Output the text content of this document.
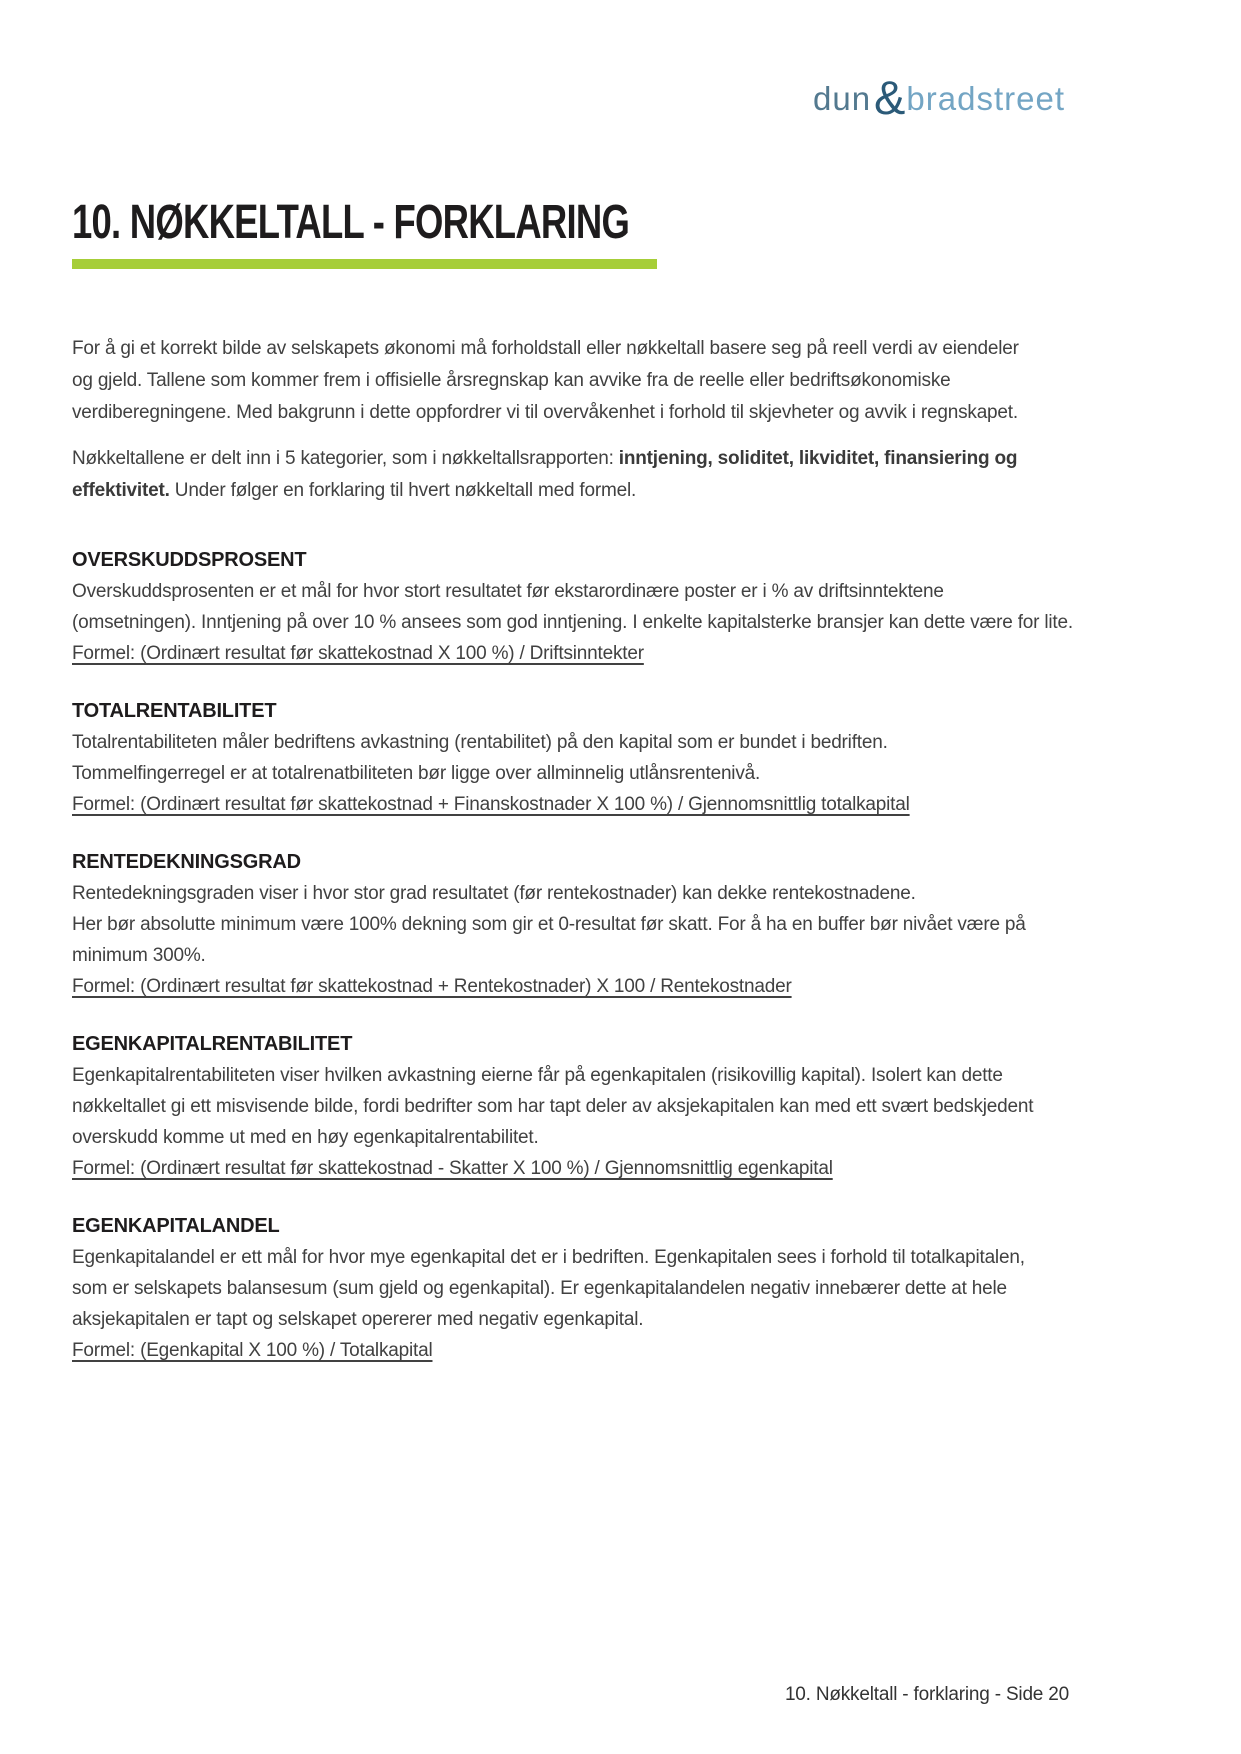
dun & bradstreet
10. NØKKELTALL - FORKLARING
For å gi et korrekt bilde av selskapets økonomi må forholdstall eller nøkkeltall basere seg på reell verdi av eiendeler
og gjeld. Tallene som kommer frem i offisielle årsregnskap kan avvike fra de reelle eller bedriftsøkonomiske
verdiberegningene. Med bakgrunn i dette oppfordrer vi til overvåkenhet i forhold til skjevheter og avvik i regnskapet.
Nøkkeltallene er delt inn i 5 kategorier, som i nøkkeltallsrapporten: inntjening, soliditet, likviditet, finansiering og
effektivitet. Under følger en forklaring til hvert nøkkeltall med formel.
OVERSKUDDSPROSENT
Overskuddsprosenten er et mål for hvor stort resultatet før ekstarordinære poster er i % av driftsinntektene
(omsetningen). Inntjening på over 10 % ansees som god inntjening. I enkelte kapitalsterke bransjer kan dette være for lite.
Formel: (Ordinært resultat før skattekostnad X 100 %) / Driftsinntekter
TOTALRENTABILITET
Totalrentabiliteten måler bedriftens avkastning (rentabilitet) på den kapital som er bundet i bedriften.
Tommelfingerregel er at totalrenatbiliteten bør ligge over allminnelig utlånsrentenivå.
Formel: (Ordinært resultat før skattekostnad + Finanskostnader X 100 %) / Gjennomsnittlig totalkapital
RENTEDEKNINGSGRAD
Rentedekningsgraden viser i hvor stor grad resultatet (før rentekostnader) kan dekke rentekostnadene.
Her bør absolutte minimum være 100% dekning som gir et 0-resultat før skatt. For å ha en buffer bør nivået være på
minimum 300%.
Formel: (Ordinært resultat før skattekostnad + Rentekostnader) X 100 / Rentekostnader
EGENKAPITALRENTABILITET
Egenkapitalrentabiliteten viser hvilken avkastning eierne får på egenkapitalen (risikovillig kapital). Isolert kan dette
nøkkeltallet gi ett misvisende bilde, fordi bedrifter som har tapt deler av aksjekapitalen kan med ett svært bedskjedent
overskudd komme ut med en høy egenkapitalrentabilitet.
Formel: (Ordinært resultat før skattekostnad - Skatter X 100 %) / Gjennomsnittlig egenkapital
EGENKAPITALANDEL
Egenkapitalandel er ett mål for hvor mye egenkapital det er i bedriften. Egenkapitalen sees i forhold til totalkapitalen,
som er selskapets balansesum (sum gjeld og egenkapital). Er egenkapitalandelen negativ innebærer dette at hele
aksjekapitalen er tapt og selskapet opererer med negativ egenkapital.
Formel: (Egenkapital X 100 %) / Totalkapital
10. Nøkkeltall - forklaring - Side 20
